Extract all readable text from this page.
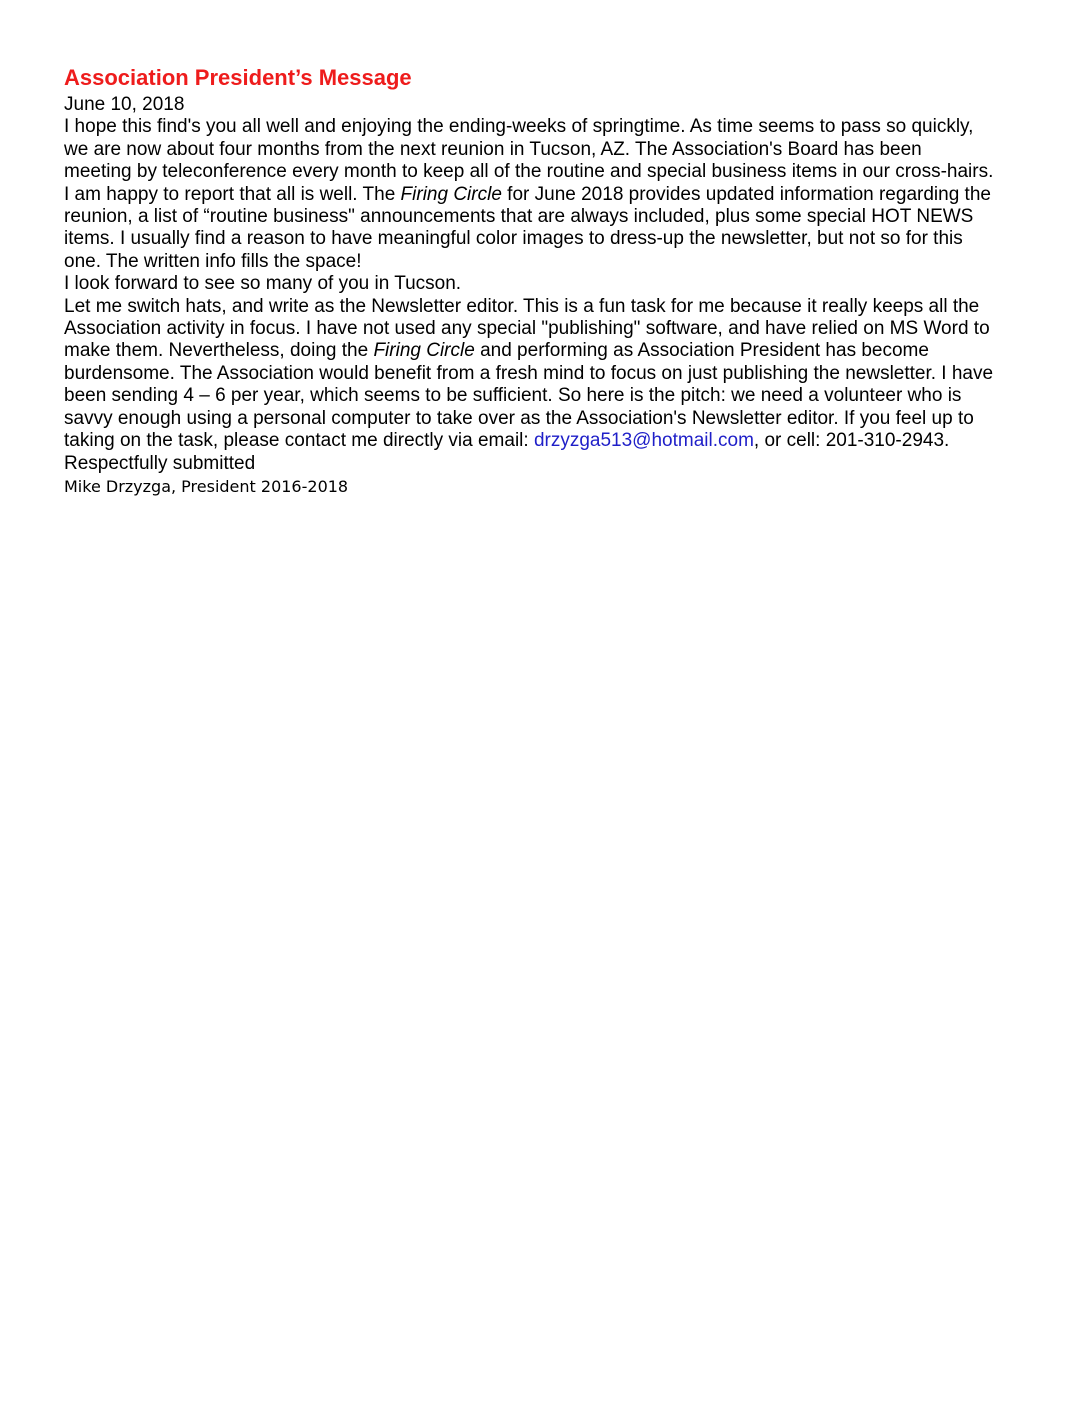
Association President’s Message
June 10, 2018
I hope this find's you all well and enjoying the ending-weeks of springtime. As time seems to pass so quickly,
we are now about four months from the next reunion in Tucson, AZ. The Association's Board has been
meeting by teleconference every month to keep all of the routine and special business items in our cross-hairs.
I am happy to report that all is well. The Firing Circle for June 2018 provides updated information regarding the
reunion, a list of “routine business" announcements that are always included, plus some special HOT NEWS
items. I usually find a reason to have meaningful color images to dress-up the newsletter, but not so for this
one. The written info fills the space!
I look forward to see so many of you in Tucson.
Let me switch hats, and write as the Newsletter editor. This is a fun task for me because it really keeps all the
Association activity in focus. I have not used any special "publishing" software, and have relied on MS Word to
make them. Nevertheless, doing the Firing Circle and performing as Association President has become
burdensome. The Association would benefit from a fresh mind to focus on just publishing the newsletter. I have
been sending 4 – 6 per year, which seems to be sufficient. So here is the pitch: we need a volunteer who is
savvy enough using a personal computer to take over as the Association's Newsletter editor. If you feel up to
taking on the task, please contact me directly via email: drzyzga513@hotmail.com, or cell: 201-310-2943.
Respectfully submitted
Mike Drzyzga, President 2016-2018
